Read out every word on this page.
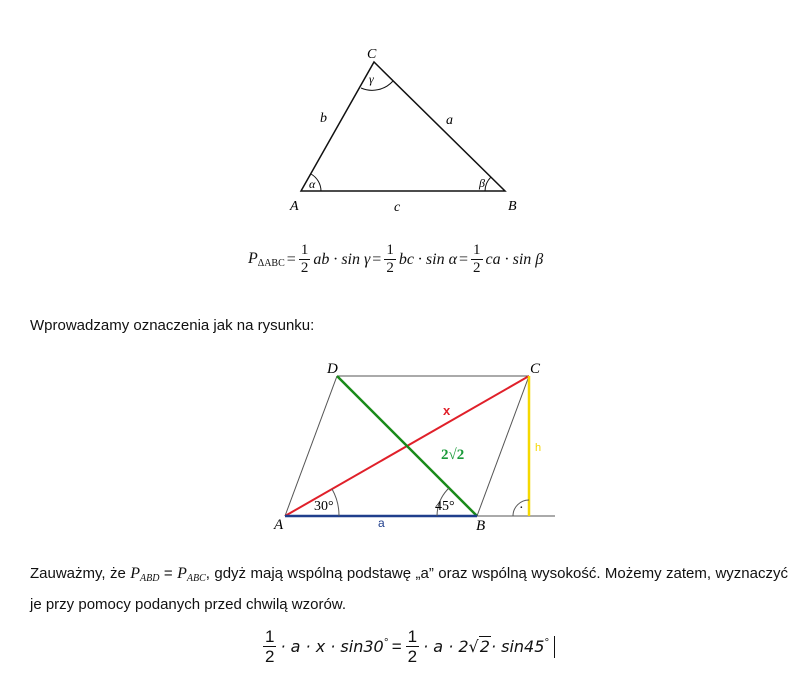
C
A	B
b	a
c
α	β
γ
$P_{\Delta ABC} = \frac{1}{2}$ ab · $\sin \gamma = \frac{1}{2}$ bc · $\sin \alpha = \frac{1}{2}$ ca · sin β
Wprowadzamy oznaczenia jak na rysunku:
·
D	C
A	B
x
2√2	h
a
30°	45°
Zauważmy, że $P_{ABD} = P_{ABC}$, gdyż mają wspólną podstawę „a” oraz wspólną wysokość. Możemy zatem, wyznaczyć je przy pomocy podanych przed chwilą wzorów.
$\frac{1}{2} \cdot a \cdot x \cdot \sin 30^\circ = \frac{1}{2} \cdot a \cdot 2√2\cdot \sin 45^\circ$
